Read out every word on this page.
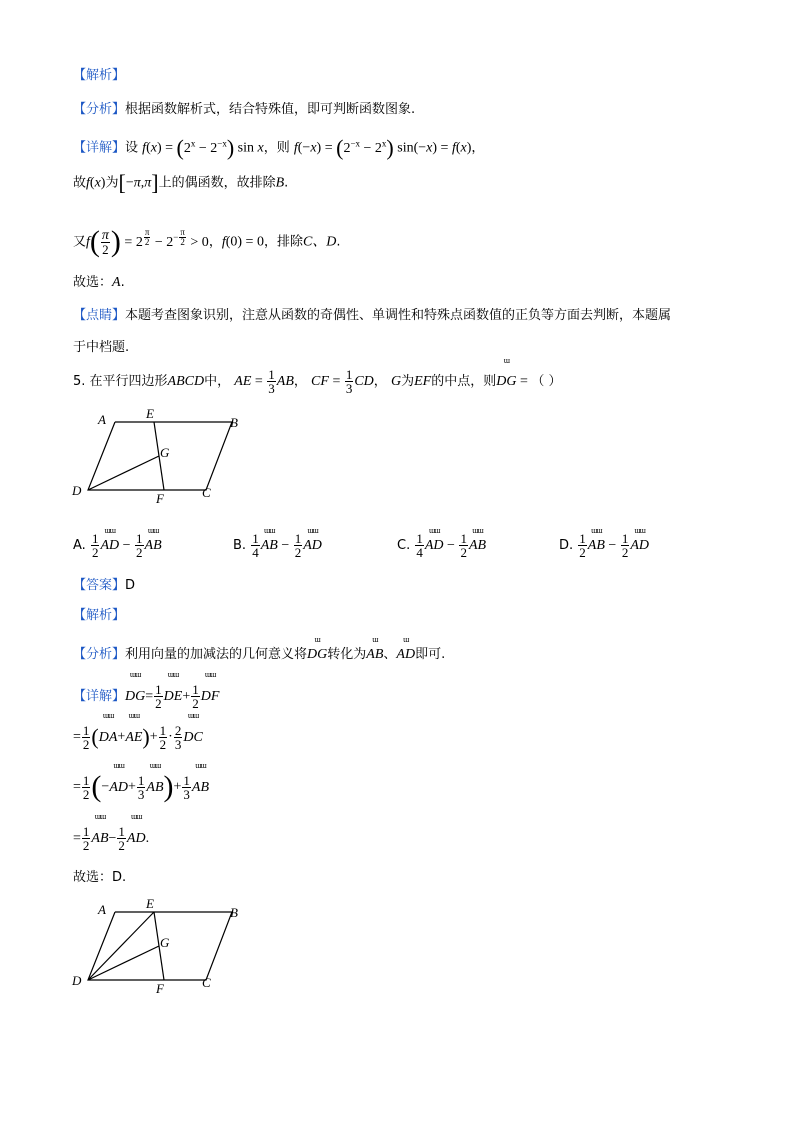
【解析】
【分析】根据函数解析式，结合特殊值，即可判断函数图象.
【详解】设 $f(x) = (2^x - 2^{-x})$ sin x，则 $f(-x) = (2^{-x} - 2^x) \sin(-x) = f(x)$，
故f(x)为[−π,π]上的偶函数，故排除B.
又$f( \frac{\pi}{2}$ ) = 2 $^{\frac{\pi}{2}} - 2^{- \frac{\pi}{2}} > 0$，f(0) = 0，排除C、D.
故选：A.
【点睛】本题考查图象识别，注意从函数的奇偶性、单调性和特殊点函数值的正负等方面去判断，本题属
于中档题.
5. 在平行四边形ABCD中， AE = $\frac{1}{3}$ AB， CF = $\frac{1}{3}$ CD， G为EF的中点，则
ɯ
DG = （ ）
A	E
B
G
D
F	C
A. $\frac{1}{2}$
ɯɯ
AD − $\frac{1}{2}$
ɯɯ
AB	B. $\frac{1}{4}$
ɯɯ
AB − $\frac{1}{2}$
ɯɯ
AD	C. $\frac{1}{4}$
ɯɯ
AD − $\frac{1}{2}$
ɯɯ
AB	D. $\frac{1}{2}$
ɯɯ
AB − $\frac{1}{2}$
ɯɯ
AD
【答案】D
【解析】
【分析】利用向量的加减法的几何意义将
ɯ
DG转化为
ɯ
AB、
ɯ
AD即可.
【详解】
ɯɯ
$DG= \frac{1}{2}$
ɯɯ
$DE+ \frac{1}{2}$
ɯɯ
DF
= $\frac{1}{2}$ (
ɯɯ
DA+
ɯɯ
$AE)+ \frac{1}{2} \cdot \frac{2}{3}$
ɯɯ
DC
= $\frac{1}{2}$ (−
ɯɯ
$AD+ \frac{1}{3}$
ɯɯ
$AB)+ \frac{1}{3}$
ɯɯ
AB
= $\frac{1}{2}$
ɯɯ
$AB- \frac{1}{2}$
ɯɯ
AD.
故选：D.
A	E
B
G
D
F	C
